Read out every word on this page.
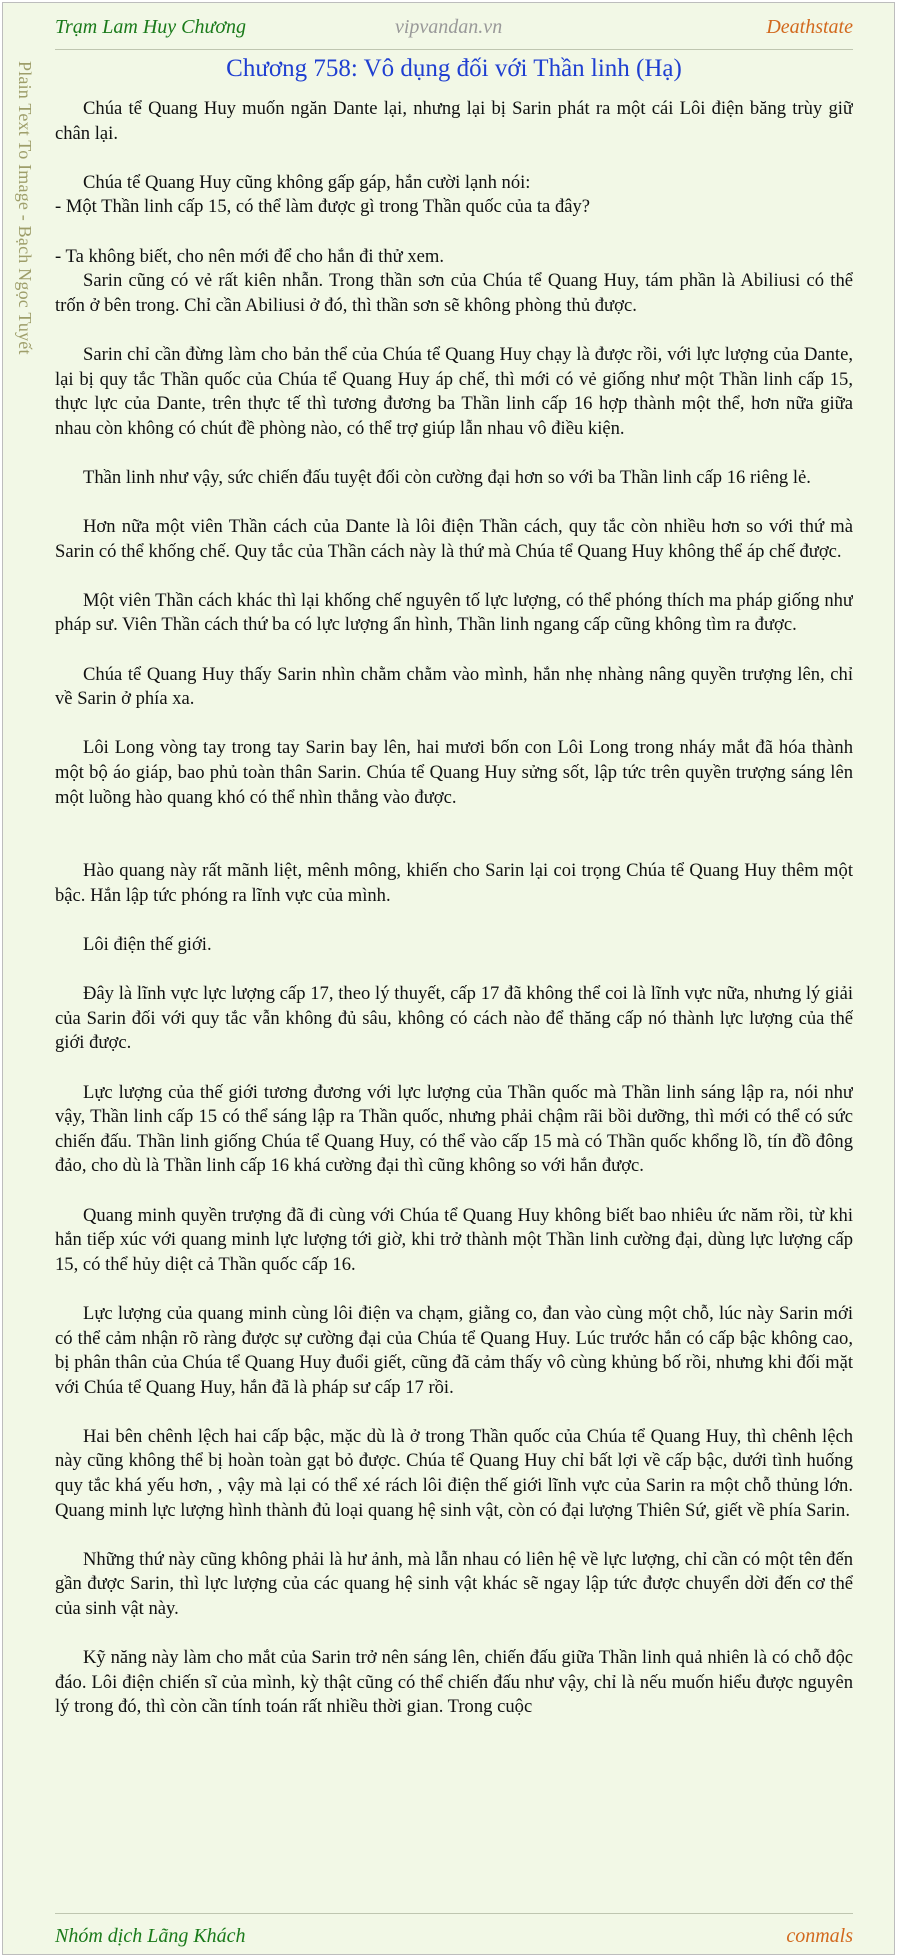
Trạm Lam Huy Chương	vipvandan.vn	Deathstate
Plain Text To Image - Bạch Ngọc Tuyết	Chương 758: Vô dụng đối với Thần linh (Hạ)

Chúa tể Quang Huy muốn ngăn Dante lại, nhưng lại bị Sarin phát ra một cái Lôi điện băng trùy giữ chân lại.

Chúa tể Quang Huy cũng không gấp gáp, hắn cười lạnh nói:

- Một Thần linh cấp 15, có thể làm được gì trong Thần quốc của ta đây?

- Ta không biết, cho nên mới để cho hắn đi thử xem.

Sarin cũng có vẻ rất kiên nhẫn. Trong thần sơn của Chúa tể Quang Huy, tám phần là Abiliusi có thể trốn ở bên trong. Chỉ cần Abiliusi ở đó, thì thần sơn sẽ không phòng thủ được.

Sarin chỉ cần đừng làm cho bản thể của Chúa tể Quang Huy chạy là được rồi, với lực lượng của Dante, lại bị quy tắc Thần quốc của Chúa tể Quang Huy áp chế, thì mới có vẻ giống như một Thần linh cấp 15, thực lực của Dante, trên thực tế thì tương đương ba Thần linh cấp 16 hợp thành một thể, hơn nữa giữa nhau còn không có chút đề phòng nào, có thể trợ giúp lẫn nhau vô điều kiện.

Thần linh như vậy, sức chiến đấu tuyệt đối còn cường đại hơn so với ba Thần linh cấp 16 riêng lẻ.

Hơn nữa một viên Thần cách của Dante là lôi điện Thần cách, quy tắc còn nhiều hơn so với thứ mà Sarin có thể khống chế. Quy tắc của Thần cách này là thứ mà Chúa tể Quang Huy không thể áp chế được.

Một viên Thần cách khác thì lại khống chế nguyên tố lực lượng, có thể phóng thích ma pháp giống như pháp sư. Viên Thần cách thứ ba có lực lượng ẩn hình, Thần linh ngang cấp cũng không tìm ra được.

Chúa tể Quang Huy thấy Sarin nhìn chằm chằm vào mình, hắn nhẹ nhàng nâng quyền trượng lên, chỉ về Sarin ở phía xa.

Lôi Long vòng tay trong tay Sarin bay lên, hai mươi bốn con Lôi Long trong nháy mắt đã hóa thành một bộ áo giáp, bao phủ toàn thân Sarin. Chúa tể Quang Huy sửng sốt, lập tức trên quyền trượng sáng lên một luồng hào quang khó có thể nhìn thẳng vào được.

Hào quang này rất mãnh liệt, mênh mông, khiến cho Sarin lại coi trọng Chúa tể Quang Huy thêm một bậc. Hắn lập tức phóng ra lĩnh vực của mình.

Lôi điện thế giới.

Đây là lĩnh vực lực lượng cấp 17, theo lý thuyết, cấp 17 đã không thể coi là lĩnh vực nữa, nhưng lý giải của Sarin đối với quy tắc vẫn không đủ sâu, không có cách nào để thăng cấp nó thành lực lượng của thế giới được.

Lực lượng của thế giới tương đương với lực lượng của Thần quốc mà Thần linh sáng lập ra, nói như vậy, Thần linh cấp 15 có thể sáng lập ra Thần quốc, nhưng phải chậm rãi bồi dưỡng, thì mới có thể có sức chiến đấu. Thần linh giống Chúa tể Quang Huy, có thể vào cấp 15 mà có Thần quốc khổng lồ, tín đồ đông đảo, cho dù là Thần linh cấp 16 khá cường đại thì cũng không so với hắn được.

Quang minh quyền trượng đã đi cùng với Chúa tể Quang Huy không biết bao nhiêu ức năm rồi, từ khi hắn tiếp xúc với quang minh lực lượng tới giờ, khi trở thành một Thần linh cường đại, dùng lực lượng cấp 15, có thể hủy diệt cả Thần quốc cấp 16.

Lực lượng của quang minh cùng lôi điện va chạm, giằng co, đan vào cùng một chỗ, lúc này Sarin mới có thể cảm nhận rõ ràng được sự cường đại của Chúa tể Quang Huy. Lúc trước hắn có cấp bậc không cao, bị phân thân của Chúa tể Quang Huy đuổi giết, cũng đã cảm thấy vô cùng khủng bố rồi, nhưng khi đối mặt với Chúa tể Quang Huy, hắn đã là pháp sư cấp 17 rồi.

Hai bên chênh lệch hai cấp bậc, mặc dù là ở trong Thần quốc của Chúa tể Quang Huy, thì chênh lệch này cũng không thể bị hoàn toàn gạt bỏ được. Chúa tể Quang Huy chỉ bất lợi về cấp bậc, dưới tình huống quy tắc khá yếu hơn, , vậy mà lại có thể xé rách lôi điện thế giới lĩnh vực của Sarin ra một chỗ thủng lớn. Quang minh lực lượng hình thành đủ loại quang hệ sinh vật, còn có đại lượng Thiên Sứ, giết về phía Sarin.

Những thứ này cũng không phải là hư ảnh, mà lẫn nhau có liên hệ về lực lượng, chỉ cần có một tên đến gần được Sarin, thì lực lượng của các quang hệ sinh vật khác sẽ ngay lập tức được chuyển dời đến cơ thể của sinh vật này.

Kỹ năng này làm cho mắt của Sarin trở nên sáng lên, chiến đấu giữa Thần linh quả nhiên là có chỗ độc đáo. Lôi điện chiến sĩ của mình, kỳ thật cũng có thể chiến đấu như vậy, chỉ là nếu muốn hiểu được nguyên lý trong đó, thì còn cần tính toán rất nhiều thời gian. Trong cuộc

Nhóm dịch Lãng Khách	conmals
